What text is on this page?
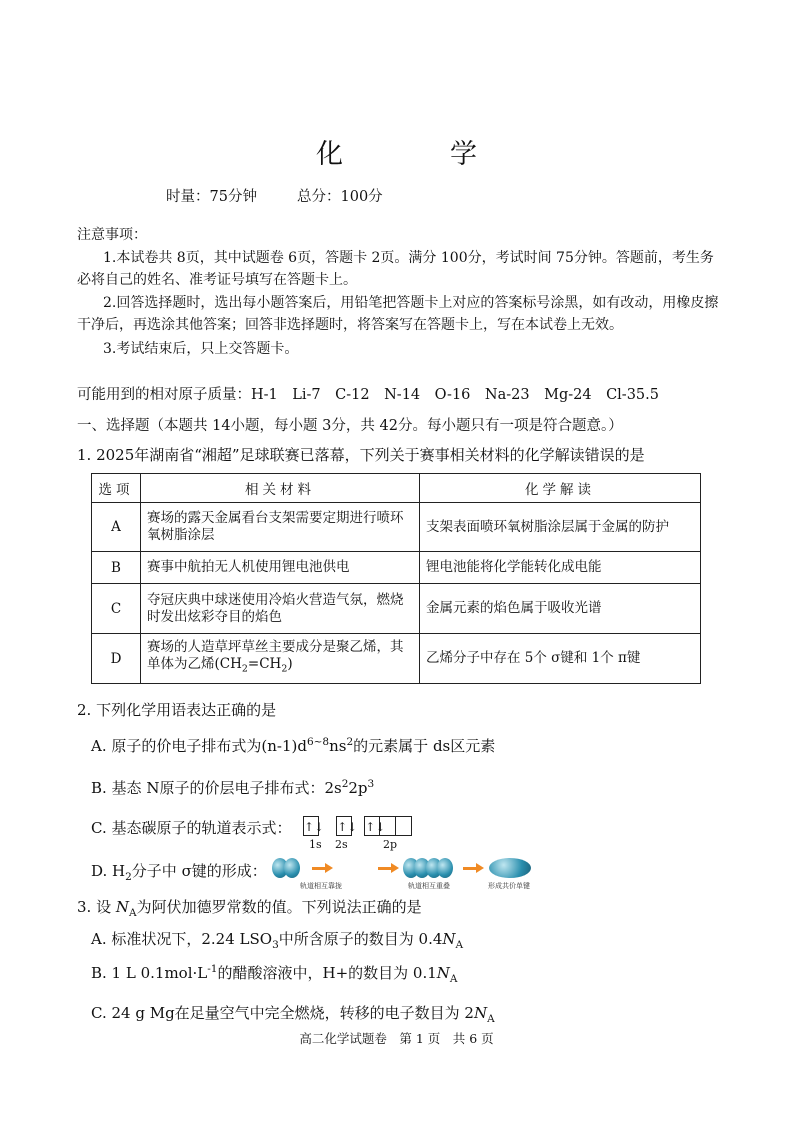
化　学
时量：75分钟	总分：100分
注意事项：
1.本试卷共 8页，其中试题卷 6页，答题卡 2页。满分 100分，考试时间 75分钟。答题前，考生务
必将自己的姓名、准考证号填写在答题卡上。
2.回答选择题时，选出每小题答案后，用铅笔把答题卡上对应的答案标号涂黑，如有改动，用橡皮擦
干净后，再选涂其他答案；回答非选择题时，将答案写在答题卡上，写在本试卷上无效。
3.考试结束后，只上交答题卡。
可能用到的相对原子质量：H-1　Li-7　C-12　N-14　O-16　Na-23　Mg-24　Cl-35.5
一、选择题（本题共 14小题，每小题 3分，共 42分。每小题只有一项是符合题意。）
1. 2025年湖南省“湘超”足球联赛已落幕，下列关于赛事相关材料的化学解读错误的是
选项	相关材料	化学解读
A	赛场的露天金属看台支架需要定期进行喷环氧树脂涂层	支架表面喷环氧树脂涂层属于金属的防护
B	赛事中航拍无人机使用锂电池供电	锂电池能将化学能转化成电能
C	夺冠庆典中球迷使用冷焰火营造气氛，燃烧时发出炫彩夺目的焰色	金属元素的焰色属于吸收光谱
D	赛场的人造草坪草丝主要成分是聚乙烯，其单体为乙烯$(CH_2=CH_2)$	乙烯分子中存在 5个 σ键和 1个 π键
2. 下列化学用语表达正确的是
A. 原子的价电子排布式为$(n-1)d^{6\sim 8}ns^2$的元素属于 ds区元素
B. 基态 N原子的价层电子排布式：$2s^22p^3$
C. 基态碳原子的轨道表示式： ↑↓ ↑↓ ↑↓
1s 2s	2p
D. $H_2$分子中 σ键的形成：
轨道相互靠拢	轨道相互重叠	形成共价单键
3. 设 $N_A$为阿伏加德罗常数的值。下列说法正确的是
A. 标准状况下，2.24 $LSO_3$中所含原子的数目为 $0.4N_A$
B. 1 L $0.1mol\cdot L^{-1}$的醋酸溶液中，H+的数目为 $0.1N_A$
C. 24 g Mg在足量空气中完全燃烧，转移的电子数目为 $2N_A$
高二化学试题卷　第 1 页　共 6 页
